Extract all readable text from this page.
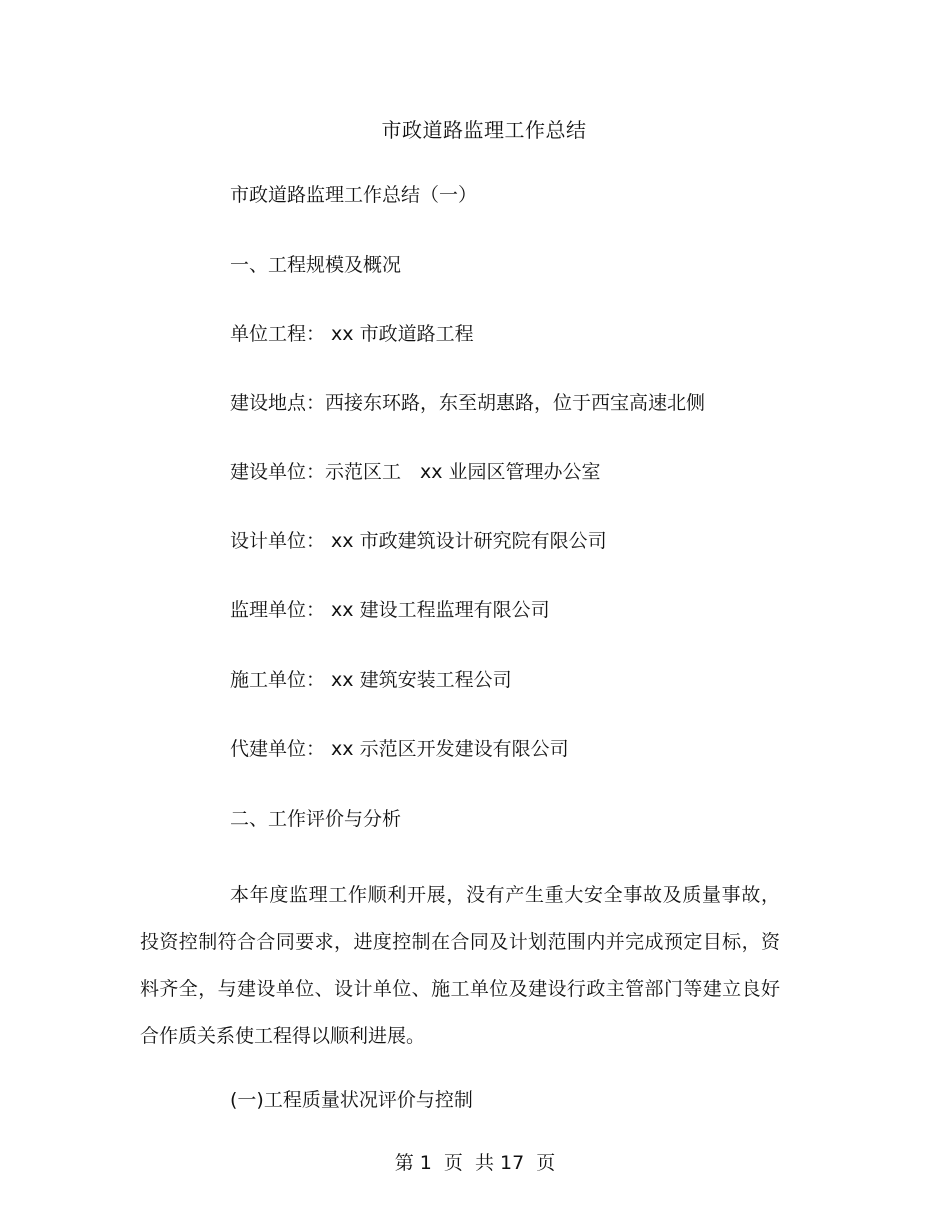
市政道路监理工作总结
市政道路监理工作总结（一）
一、工程规模及概况
单位工程： xx 市政道路工程
建设地点：西接东环路，东至胡惠路，位于西宝高速北侧
建设单位：示范区工　xx 业园区管理办公室
设计单位： xx 市政建筑设计研究院有限公司
监理单位： xx 建设工程监理有限公司
施工单位： xx 建筑安装工程公司
代建单位： xx 示范区开发建设有限公司
二、工作评价与分析
本年度监理工作顺利开展，没有产生重大安全事故及质量事故，投资控制符合合同要求，进度控制在合同及计划范围内并完成预定目标，资料齐全，与建设单位、设计单位、施工单位及建设行政主管部门等建立良好合作质关系使工程得以顺利进展。
(一)工程质量状况评价与控制
第 1  页  共 17  页
